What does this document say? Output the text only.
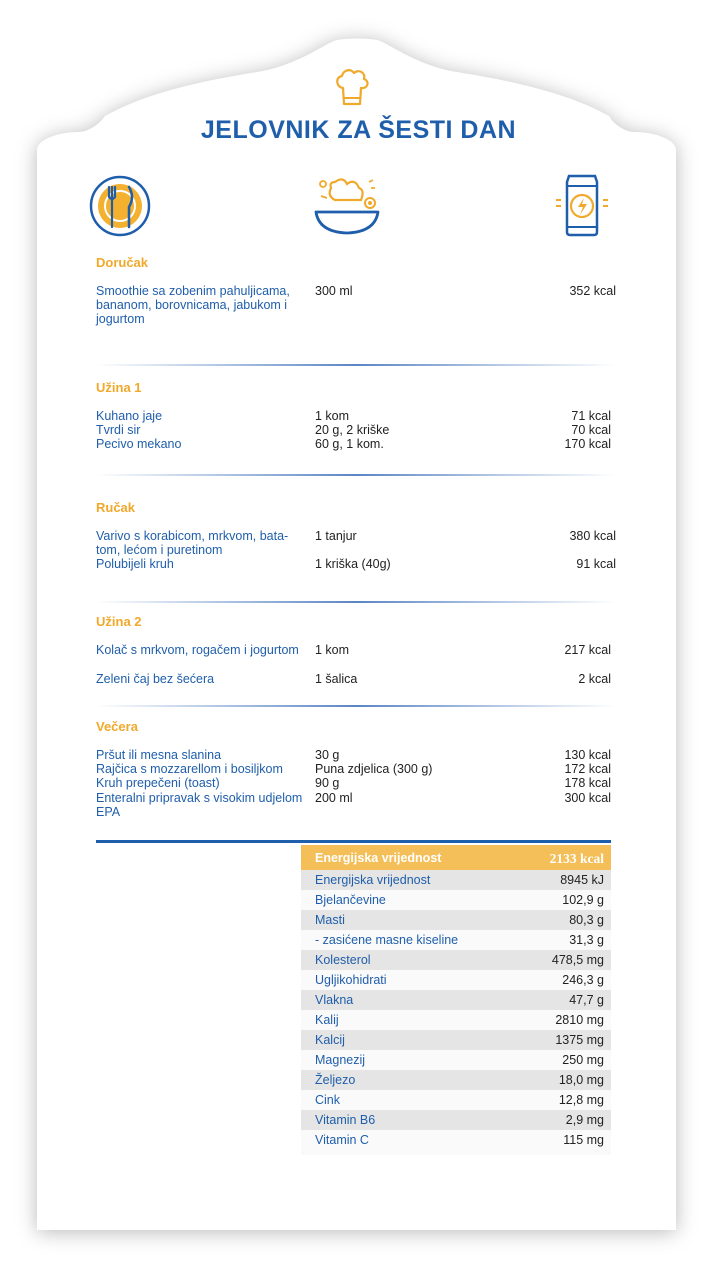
JELOVNIK ZA ŠESTI DAN
Doručak
Smoothie sa zobenim pahuljicama, bananom, borovnicama, jabukom i jogurtom
300 ml	352 kcal
Užina 1
Kuhano jaje	1 kom	71 kcal
Tvrdi sir	20 g, 2 kriške	70 kcal
Pecivo mekano	60 g, 1 kom.	170 kcal
Ručak
Varivo s korabicom, mrkvom, bata-tom, lećom i puretinom
1 tanjur	380 kcal
Polubijeli kruh	1 kriška (40g)	91 kcal
Užina 2
Kolač s mrkvom, rogačem i jogurtom	1 kom	217 kcal
Zeleni čaj bez šećera	1 šalica	2 kcal
Večera
Pršut ili mesna slanina	30 g	130 kcal
Rajčica s mozzarellom i bosiljkom	Puna zdjelica (300 g)	172 kcal
Kruh prepečeni (toast)	90 g	178 kcal
Enteralni pripravak s visokim udjelom EPA
200 ml	300 kcal
Energijska vrijednost	2133 kcal
Energijska vrijednost	8945 kJ
Bjelančevine	102,9 g
Masti	80,3 g
- zasićene masne kiseline	31,3 g
Kolesterol	478,5 mg
Ugljikohidrati	246,3 g
Vlakna	47,7 g
Kalij	2810 mg
Kalcij	1375 mg
Magnezij	250 mg
Željezo	18,0 mg
Cink	12,8 mg
Vitamin B6	2,9 mg
Vitamin C	115 mg
